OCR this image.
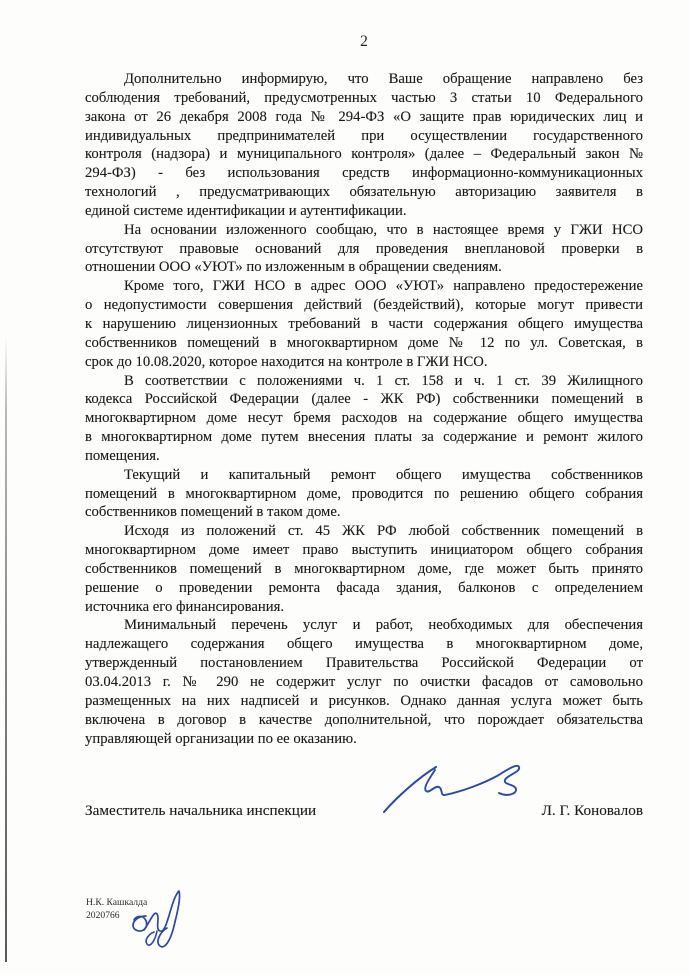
2
Дополнительно информирую, что Ваше обращение направлено без
соблюдения требований, предусмотренных частью 3 статьи 10 Федерального
закона от 26 декабря 2008 года № 294-ФЗ «О защите прав юридических лиц и
индивидуальных предпринимателей при осуществлении государственного
контроля (надзора) и муниципального контроля» (далее – Федеральный закон №
294-ФЗ) - без использования средств информационно-коммуникационных
технологий , предусматривающих обязательную авторизацию заявителя в
единой системе идентификации и аутентификации.
На основании изложенного сообщаю, что в настоящее время у ГЖИ НСО
отсутствуют правовые оснований для проведения внеплановой проверки в
отношении ООО «УЮТ» по изложенным в обращении сведениям.
Кроме того, ГЖИ НСО в адрес ООО «УЮТ» направлено предостережение
о недопустимости совершения действий (бездействий), которые могут привести
к нарушению лицензионных требований в части содержания общего имущества
собственников помещений в многоквартирном доме № 12 по ул. Советская, в
срок до 10.08.2020, которое находится на контроле в ГЖИ НСО.
В соответствии с положениями ч. 1 ст. 158 и ч. 1 ст. 39 Жилищного
кодекса Российской Федерации (далее - ЖК РФ) собственники помещений в
многоквартирном доме несут бремя расходов на содержание общего имущества
в многоквартирном доме путем внесения платы за содержание и ремонт жилого
помещения.
Текущий и капитальный ремонт общего имущества собственников
помещений в многоквартирном доме, проводится по решению общего собрания
собственников помещений в таком доме.
Исходя из положений ст. 45 ЖК РФ любой собственник помещений в
многоквартирном доме имеет право выступить инициатором общего собрания
собственников помещений в многоквартирном доме, где может быть принято
решение о проведении ремонта фасада здания, балконов с определением
источника его финансирования.
Минимальный перечень услуг и работ, необходимых для обеспечения
надлежащего содержания общего имущества в многоквартирном доме,
утвержденный постановлением Правительства Российской Федерации от
03.04.2013 г. № 290 не содержит услуг по очистки фасадов от самовольно
размещенных на них надписей и рисунков. Однако данная услуга может быть
включена в договор в качестве дополнительной, что порождает обязательства
управляющей организации по ее оказанию.
Заместитель начальника инспекции	Л. Г. Коновалов
Н.К. Кашкалда
2020766
